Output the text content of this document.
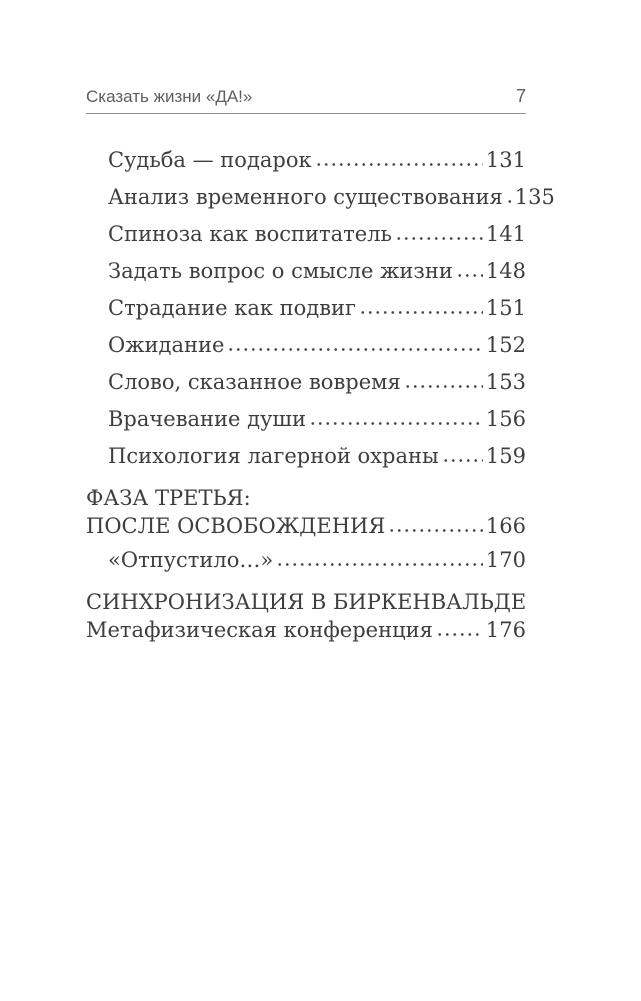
Сказать жизни «ДА!»	7
Судьба — подарок	131
Анализ временного существования 135
Спиноза как воспитатель	141
Задать вопрос о смысле жизни 148
Страдание как подвиг	151
Ожидание	152
Слово, сказанное вовремя	153
Врачевание души	156
Психология лагерной охраны 159
ФАЗА ТРЕТЬЯ:
ПОСЛЕ ОСВОБОЖДЕНИЯ	166
«Отпустило…»	170
СИНХРОНИЗАЦИЯ В БИРКЕНВАЛЬДЕ
Метафизическая конференция	176
